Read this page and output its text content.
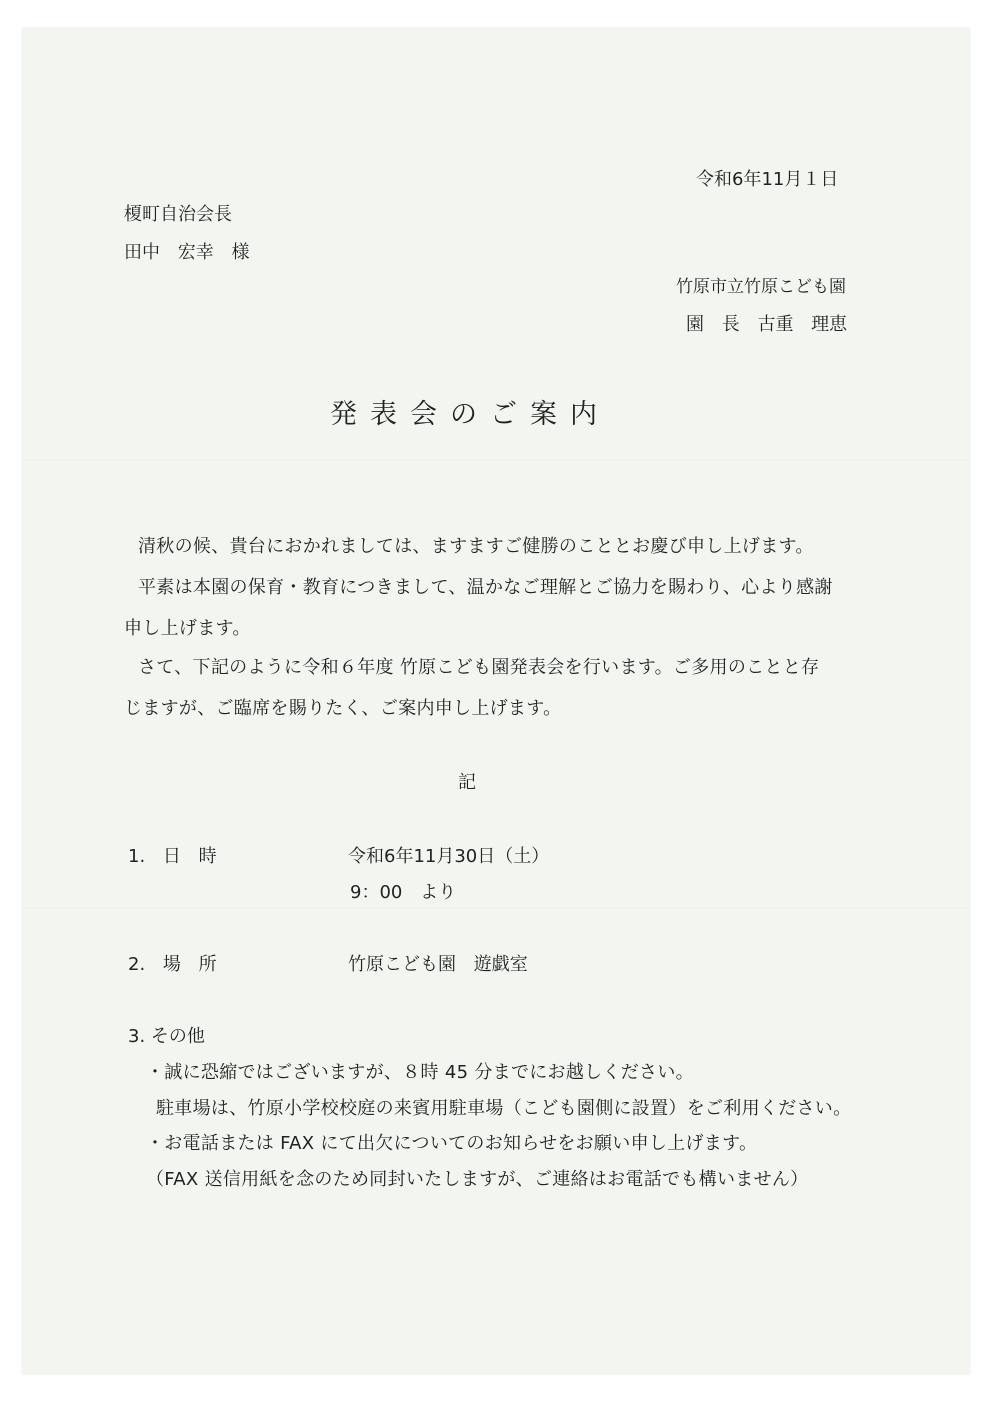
令和6年11月１日
榎町自治会長
田中 宏幸 様
竹原市立竹原こども園
園 長 古重 理恵
発表会のご案内
清秋の候、貴台におかれましては、ますますご健勝のこととお慶び申し上げます。
平素は本園の保育・教育につきまして、温かなご理解とご協力を賜わり、心より感謝
申し上げます。
さて、下記のように令和６年度 竹原こども園発表会を行います。ご多用のことと存
じますが、ご臨席を賜りたく、ご案内申し上げます。
記
1. 日 時	令和6年11月30日（土）
9：00 より
2. 場 所	竹原こども園 遊戯室
3. その他
・誠に恐縮ではございますが、８時 45 分までにお越しください。
駐車場は、竹原小学校校庭の来賓用駐車場（こども園側に設置）をご利用ください。
・お電話または FAX にて出欠についてのお知らせをお願い申し上げます。
（FAX 送信用紙を念のため同封いたしますが、ご連絡はお電話でも構いません）
